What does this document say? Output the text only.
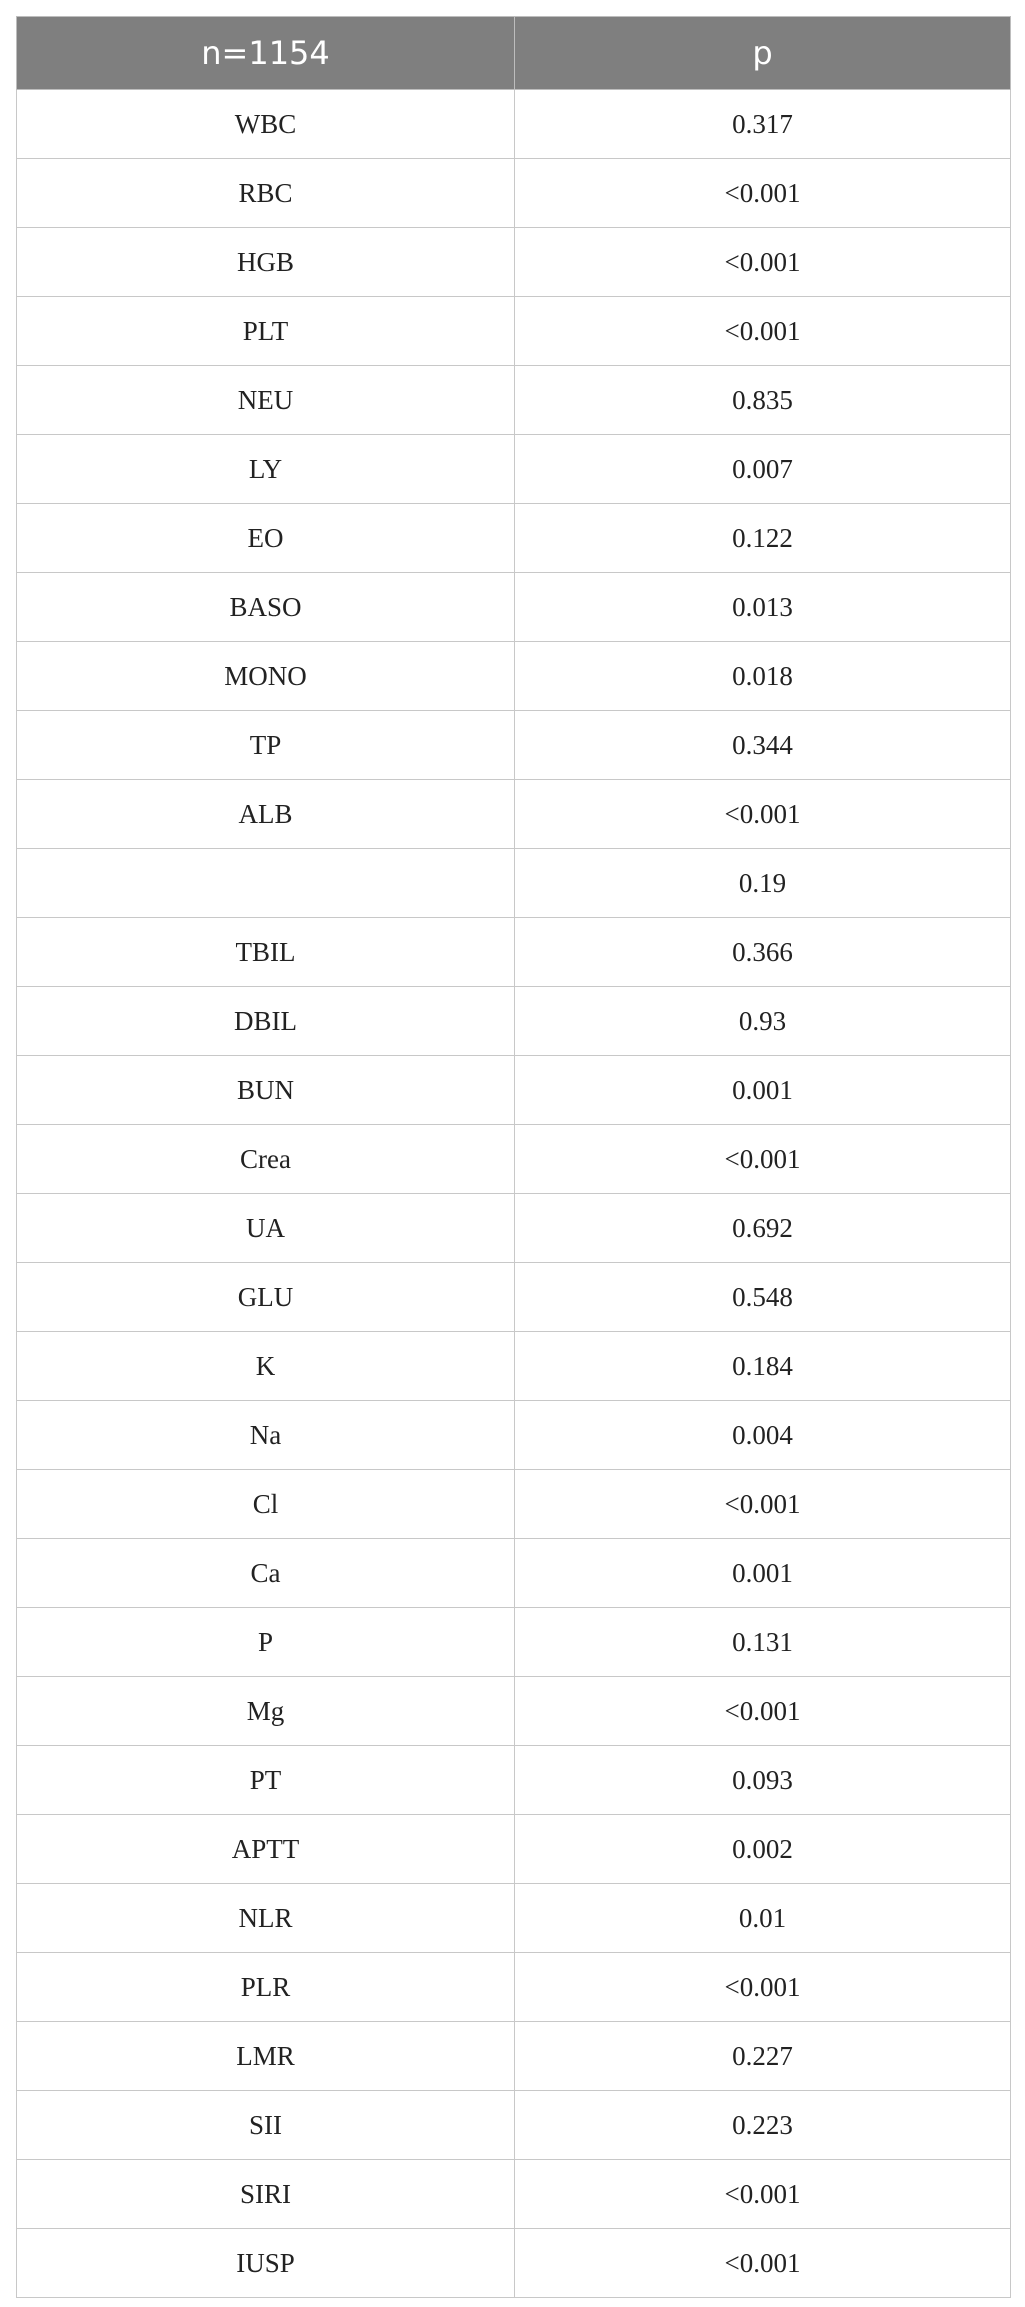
n=1154	p
WBC	0.317
RBC	<0.001
HGB	<0.001
PLT	<0.001
NEU	0.835
LY	0.007
EO	0.122
BASO	0.013
MONO	0.018
TP	0.344
ALB	<0.001
	0.19
TBIL	0.366
DBIL	0.93
BUN	0.001
Crea	<0.001
UA	0.692
GLU	0.548
K	0.184
Na	0.004
Cl	<0.001
Ca	0.001
P	0.131
Mg	<0.001
PT	0.093
APTT	0.002
NLR	0.01
PLR	<0.001
LMR	0.227
SII	0.223
SIRI	<0.001
IUSP	<0.001
